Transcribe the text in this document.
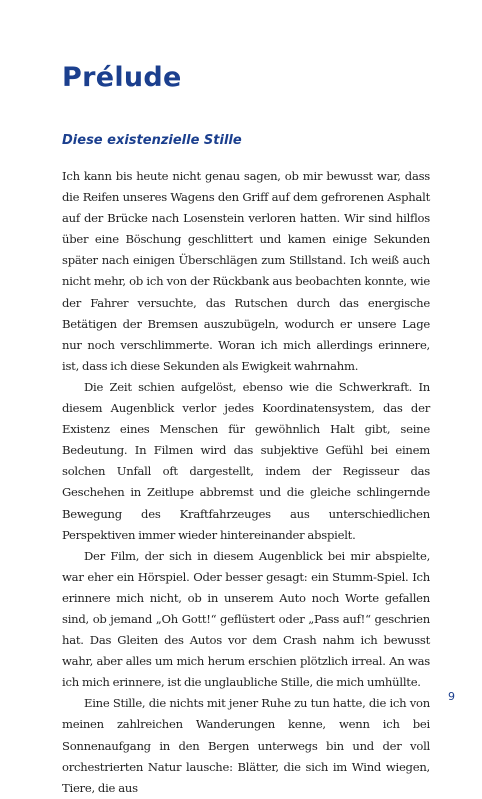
Prélude
Diese existenzielle Stille

Ich kann bis heute nicht genau sagen, ob mir bewusst war, dass die Reifen unseres Wagens den Griff auf dem gefrorenen Asphalt auf der Brücke nach Losenstein verloren hatten. Wir sind hilflos über eine Böschung geschlittert und kamen einige Sekunden später nach einigen Überschlägen zum Stillstand. Ich weiß auch nicht mehr, ob ich von der Rückbank aus beobachten konnte, wie der Fahrer versuchte, das Rutschen durch das energische Betätigen der Bremsen auszubügeln, wodurch er unsere Lage nur noch verschlimmerte. Woran ich mich allerdings erinnere, ist, dass ich diese Sekunden als Ewigkeit wahrnahm.

Die Zeit schien aufgelöst, ebenso wie die Schwerkraft. In diesem Augenblick verlor jedes Koordinatensystem, das der Existenz eines Menschen für gewöhnlich Halt gibt, seine Bedeutung. In Filmen wird das subjektive Gefühl bei einem solchen Unfall oft dargestellt, indem der Regisseur das Geschehen in Zeitlupe abbremst und die gleiche schlingernde Bewegung des Kraftfahrzeuges aus unterschiedlichen Perspektiven immer wieder hintereinander abspielt.

Der Film, der sich in diesem Augenblick bei mir abspielte, war eher ein Hörspiel. Oder besser gesagt: ein Stumm-Spiel. Ich erinnere mich nicht, ob in unserem Auto noch Worte gefallen sind, ob jemand „Oh Gott!“ geflüstert oder „Pass auf!“ geschrien hat. Das Gleiten des Autos vor dem Crash nahm ich bewusst wahr, aber alles um mich herum erschien plötzlich irreal. An was ich mich erinnere, ist die unglaubliche Stille, die mich umhüllte.

Eine Stille, die nichts mit jener Ruhe zu tun hatte, die ich von meinen zahlreichen Wanderungen kenne, wenn ich bei Sonnenaufgang in den Bergen unterwegs bin und der voll orchestrierten Natur lausche: Blätter, die sich im Wind wiegen, Tiere, die aus

9
